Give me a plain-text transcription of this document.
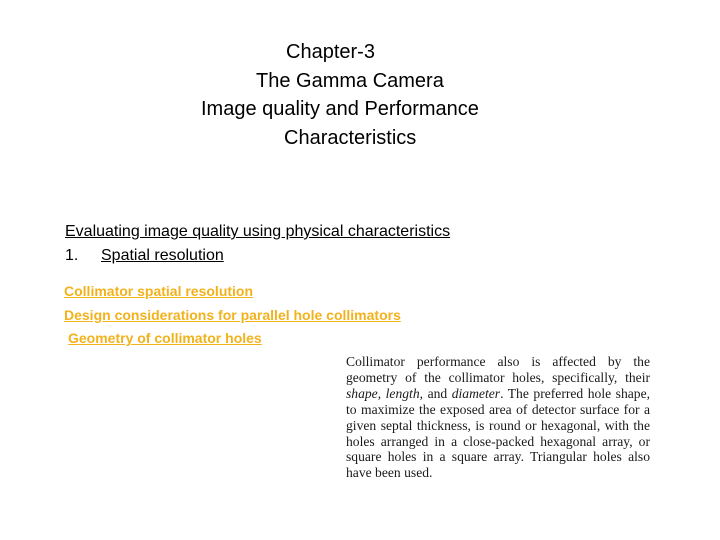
Chapter-3
The Gamma Camera
Image quality and Performance
Characteristics
Evaluating image quality using physical characteristics
1. Spatial resolution
Collimator spatial resolution
Design considerations for parallel hole collimators
Geometry of collimator holes

Collimator performance also is affected by the geometry of the collimator holes, specifically, their shape, length, and diameter. The preferred hole shape, to maximize the exposed area of detector surface for a given septal thickness, is round or hexagonal, with the holes arranged in a close-packed hexagonal array, or square holes in a square array. Triangular holes also have been used.
